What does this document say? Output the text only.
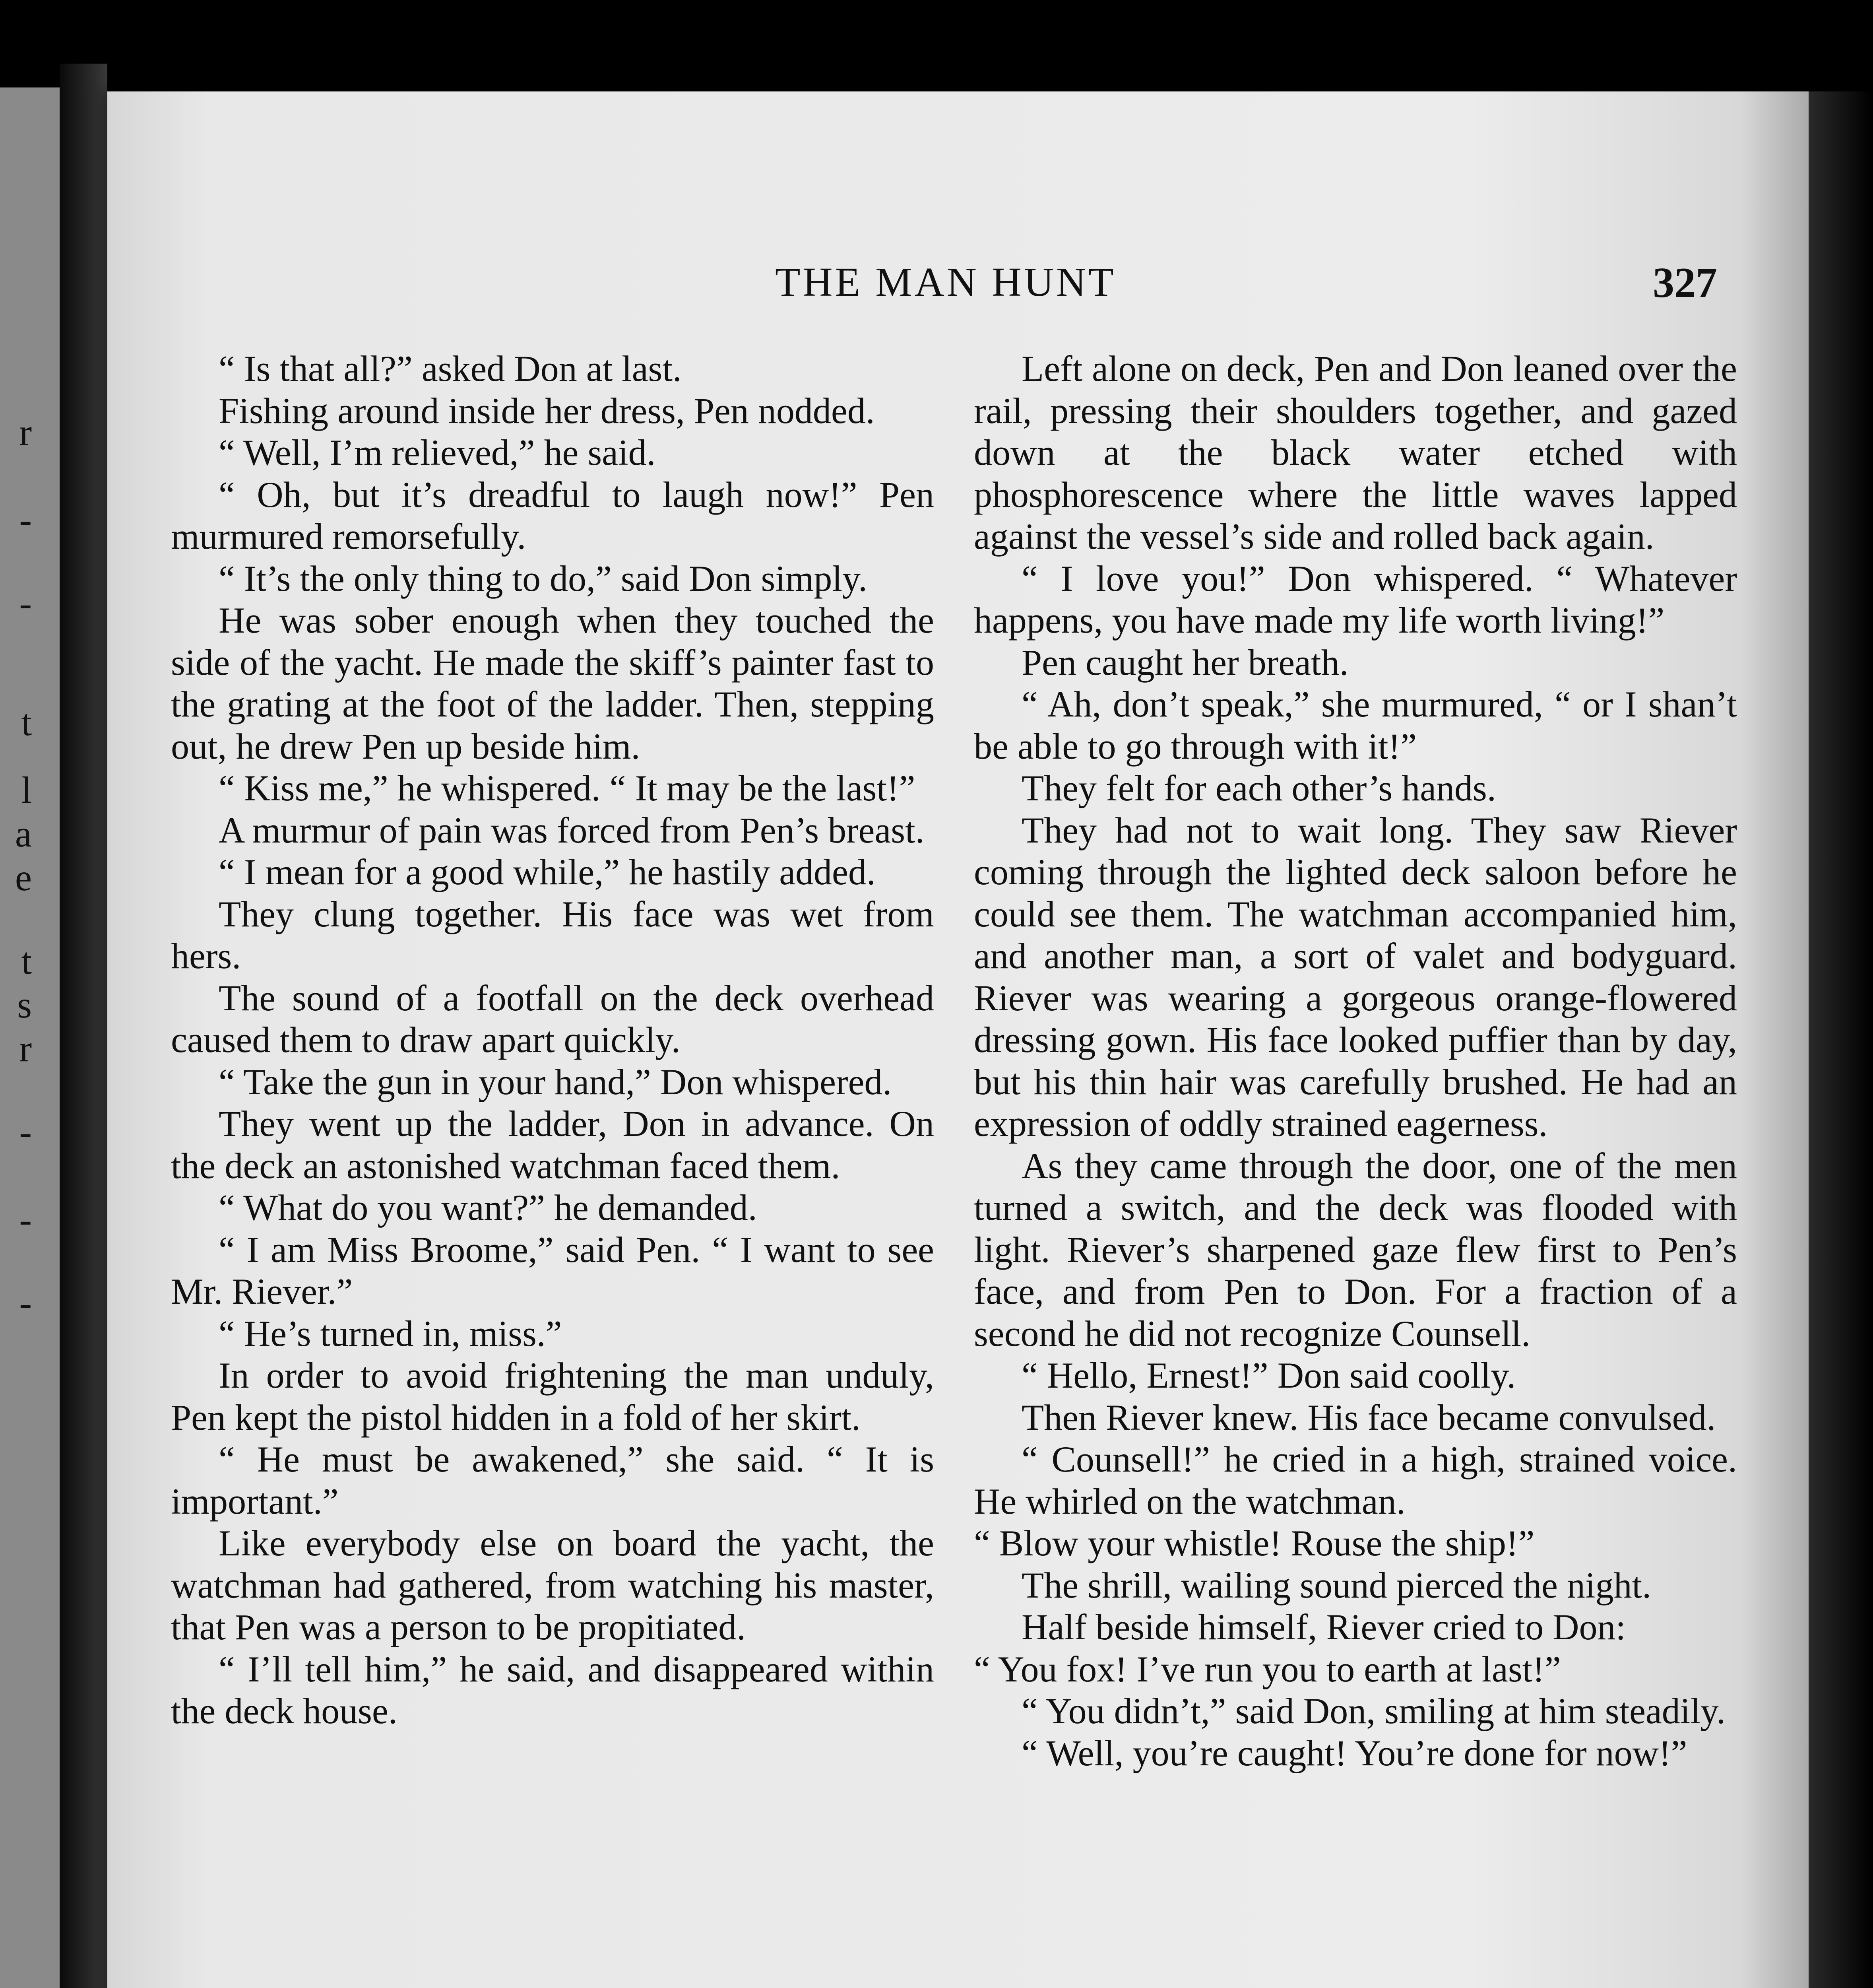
r
-
-
t
l
a
e
t
s
r
-
-
-
THE MAN HUNT	327

“ Is that all?” asked Don at last.

Fishing around inside her dress, Pen nodded.

“ Well, I’m relieved,” he said.

“ Oh, but it’s dreadful to laugh now!” Pen murmured remorsefully.

“ It’s the only thing to do,” said Don simply.

He was sober enough when they touched the side of the yacht. He made the skiff’s painter fast to the grating at the foot of the ladder. Then, stepping out, he drew Pen up beside him.

“ Kiss me,” he whispered. “ It may be the last!”

A murmur of pain was forced from Pen’s breast.

“ I mean for a good while,” he hastily added.

They clung together. His face was wet from hers.

The sound of a footfall on the deck overhead caused them to draw apart quickly.

“ Take the gun in your hand,” Don whispered.

They went up the ladder, Don in advance. On the deck an astonished watchman faced them.

“ What do you want?” he demanded.

“ I am Miss Broome,” said Pen. “ I want to see Mr. Riever.”

“ He’s turned in, miss.”

In order to avoid frightening the man unduly, Pen kept the pistol hidden in a fold of her skirt.

“ He must be awakened,” she said. “ It is important.”

Like everybody else on board the yacht, the watchman had gathered, from watching his master, that Pen was a person to be propitiated.

“ I’ll tell him,” he said, and disappeared within the deck house.

Left alone on deck, Pen and Don leaned over the rail, pressing their shoulders together, and gazed down at the black water etched with phosphorescence where the little waves lapped against the vessel’s side and rolled back again.

“ I love you!” Don whispered. “ Whatever happens, you have made my life worth living!”

Pen caught her breath.

“ Ah, don’t speak,” she murmured, “ or I shan’t be able to go through with it!”

They felt for each other’s hands.

They had not to wait long. They saw Riever coming through the lighted deck saloon before he could see them. The watchman accompanied him, and another man, a sort of valet and bodyguard. Riever was wearing a gorgeous orange-flowered dressing gown. His face looked puffier than by day, but his thin hair was carefully brushed. He had an expression of oddly strained eagerness.

As they came through the door, one of the men turned a switch, and the deck was flooded with light. Riever’s sharpened gaze flew first to Pen’s face, and from Pen to Don. For a fraction of a second he did not recognize Counsell.

“ Hello, Ernest!” Don said coolly.

Then Riever knew. His face became convulsed.

“ Counsell!” he cried in a high, strained voice. He whirled on the watchman.

“ Blow your whistle! Rouse the ship!”

The shrill, wailing sound pierced the night.

Half beside himself, Riever cried to Don:

“ You fox! I’ve run you to earth at last!”

“ You didn’t,” said Don, smiling at him steadily.

“ Well, you’re caught! You’re done for now!”
